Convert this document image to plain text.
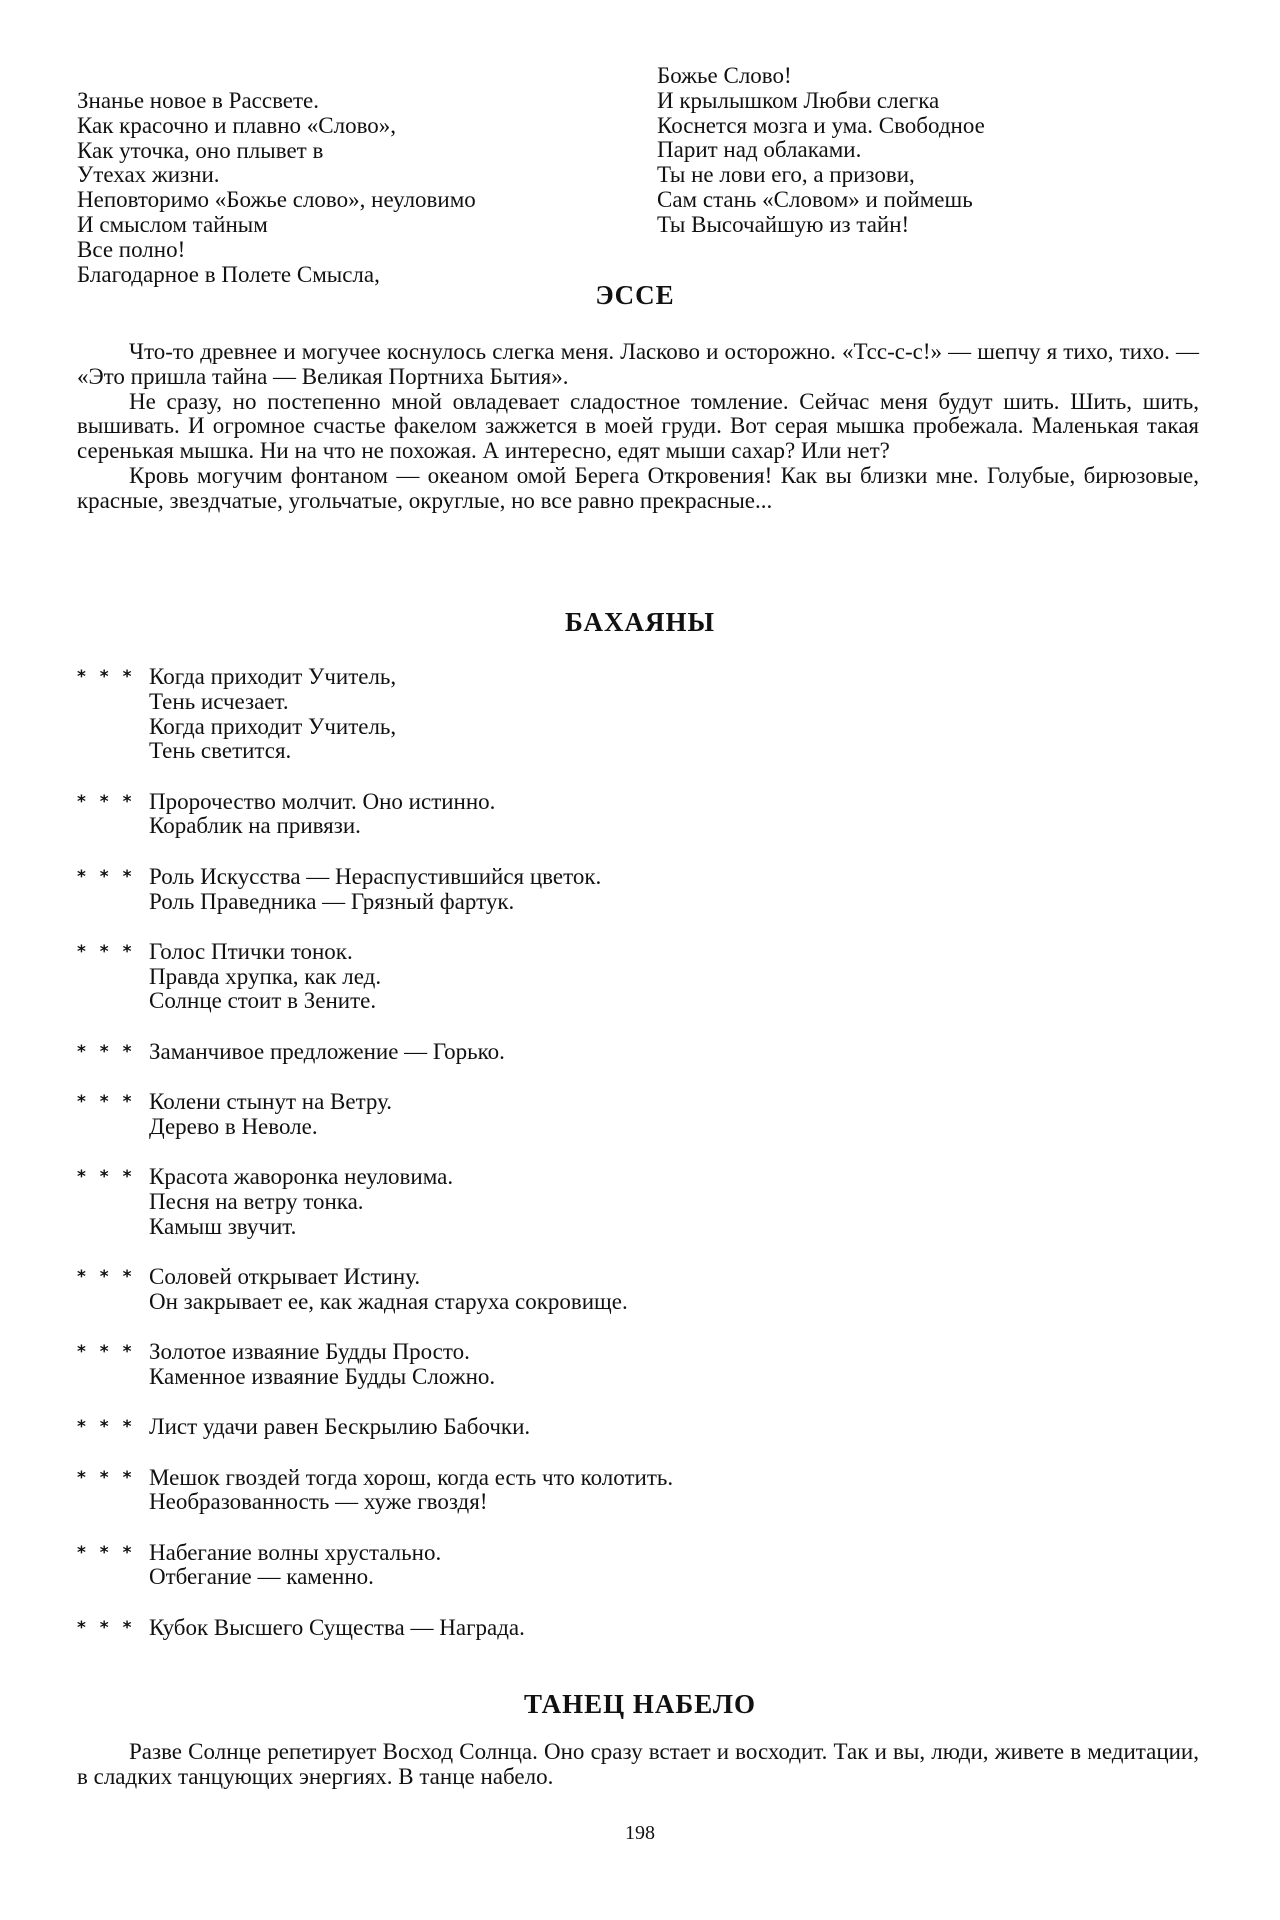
Знанье новое в Рассвете.
Как красочно и плавно «Слово»,
Как уточка, оно плывет в
Утехах жизни.
Неповторимо «Божье слово», неуловимо
И смыслом тайным
Все полно!
Благодарное в Полете Смысла,
Божье Слово!
И крылышком Любви слегка
Коснется мозга и ума. Свободное
Парит над облаками.
Ты не лови его, а призови,
Сам стань «Словом» и поймешь
Ты Высочайшую из тайн!
ЭССЕ

Что-то древнее и могучее коснулось слегка меня. Ласково и осторожно. «Тсс-с-с!» — шепчу я тихо, тихо. — «Это пришла тайна — Великая Портниха Бытия».

Не сразу, но постепенно мной овладевает сладостное томление. Сейчас меня будут шить. Шить, шить, вышивать. И огромное счастье факелом зажжется в моей груди. Вот серая мышка пробежала. Маленькая такая серенькая мышка. Ни на что не похожая. А интересно, едят мыши сахар? Или нет?

Кровь могучим фонтаном — океаном омой Берега Откровения! Как вы близки мне. Голубые, бирюзовые, красные, звездчатые, угольчатые, округлые, но все равно прекрасные...

БАХАЯНЫ
* * * Когда приходит Учитель,
Тень исчезает.
Когда приходит Учитель,
Тень светится.
* * * Пророчество молчит. Оно истинно.
Кораблик на привязи.
* * * Роль Искусства — Нераспустившийся цветок.
Роль Праведника — Грязный фартук.
* * * Голос Птички тонок.
Правда хрупка, как лед.
Солнце стоит в Зените.
* * * Заманчивое предложение — Горько.
* * * Колени стынут на Ветру.
Дерево в Неволе.
* * * Красота жаворонка неуловима.
Песня на ветру тонка.
Камыш звучит.
* * * Соловей открывает Истину.
Он закрывает ее, как жадная старуха сокровище.
* * * Золотое изваяние Будды Просто.
Каменное изваяние Будды Сложно.
* * * Лист удачи равен Бескрылию Бабочки.
* * * Мешок гвоздей тогда хорош, когда есть что колотить.
Необразованность — хуже гвоздя!
* * * Набегание волны хрустально.
Отбегание — каменно.
* * * Кубок Высшего Существа — Награда.
ТАНЕЦ НАБЕЛО

Разве Солнце репетирует Восход Солнца. Оно сразу встает и восходит. Так и вы, люди, живете в медитации, в сладких танцующих энергиях. В танце набело.

198
